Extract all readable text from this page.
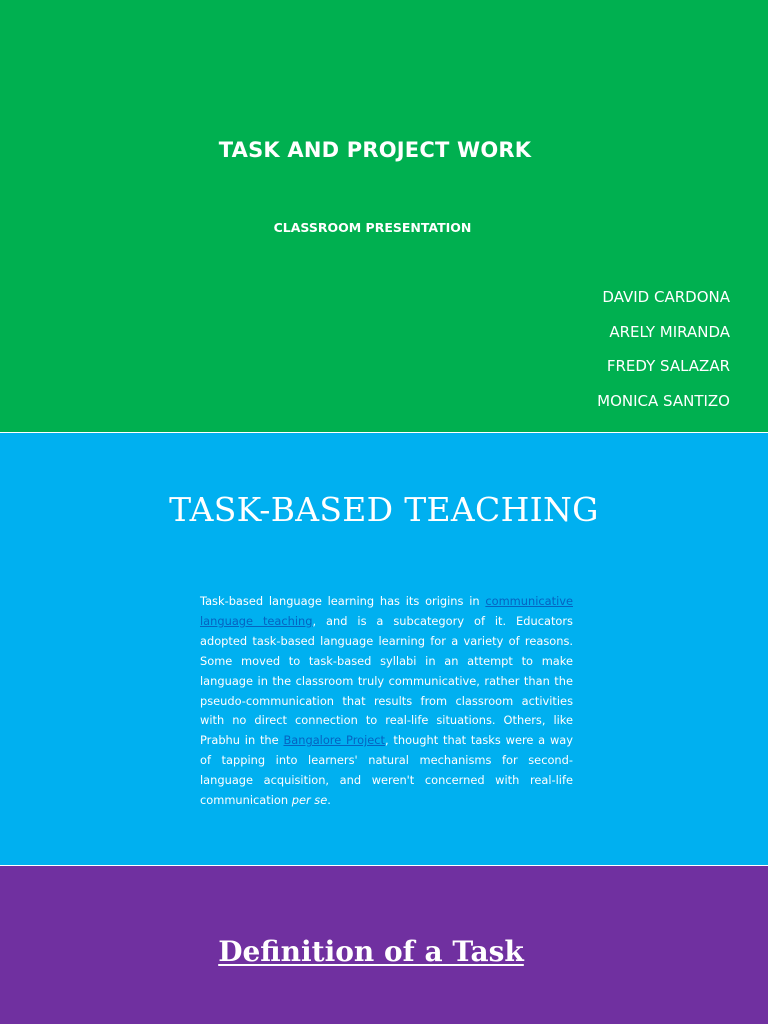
TASK AND PROJECT WORK
CLASSROOM PRESENTATION
DAVID CARDONA
ARELY MIRANDA
FREDY SALAZAR
MONICA SANTIZO
TASK-BASED TEACHING

Task-based language learning has its origins in communicative language teaching, and is a subcategory of it. Educators adopted task-based language learning for a variety of reasons. Some moved to task-based syllabi in an attempt to make language in the classroom truly communicative, rather than the pseudo-communication that results from classroom activities with no direct connection to real-life situations. Others, like Prabhu in the Bangalore Project, thought that tasks were a way of tapping into learners' natural mechanisms for second-language acquisition, and weren't concerned with real-life communication per se.

Definition of a Task
